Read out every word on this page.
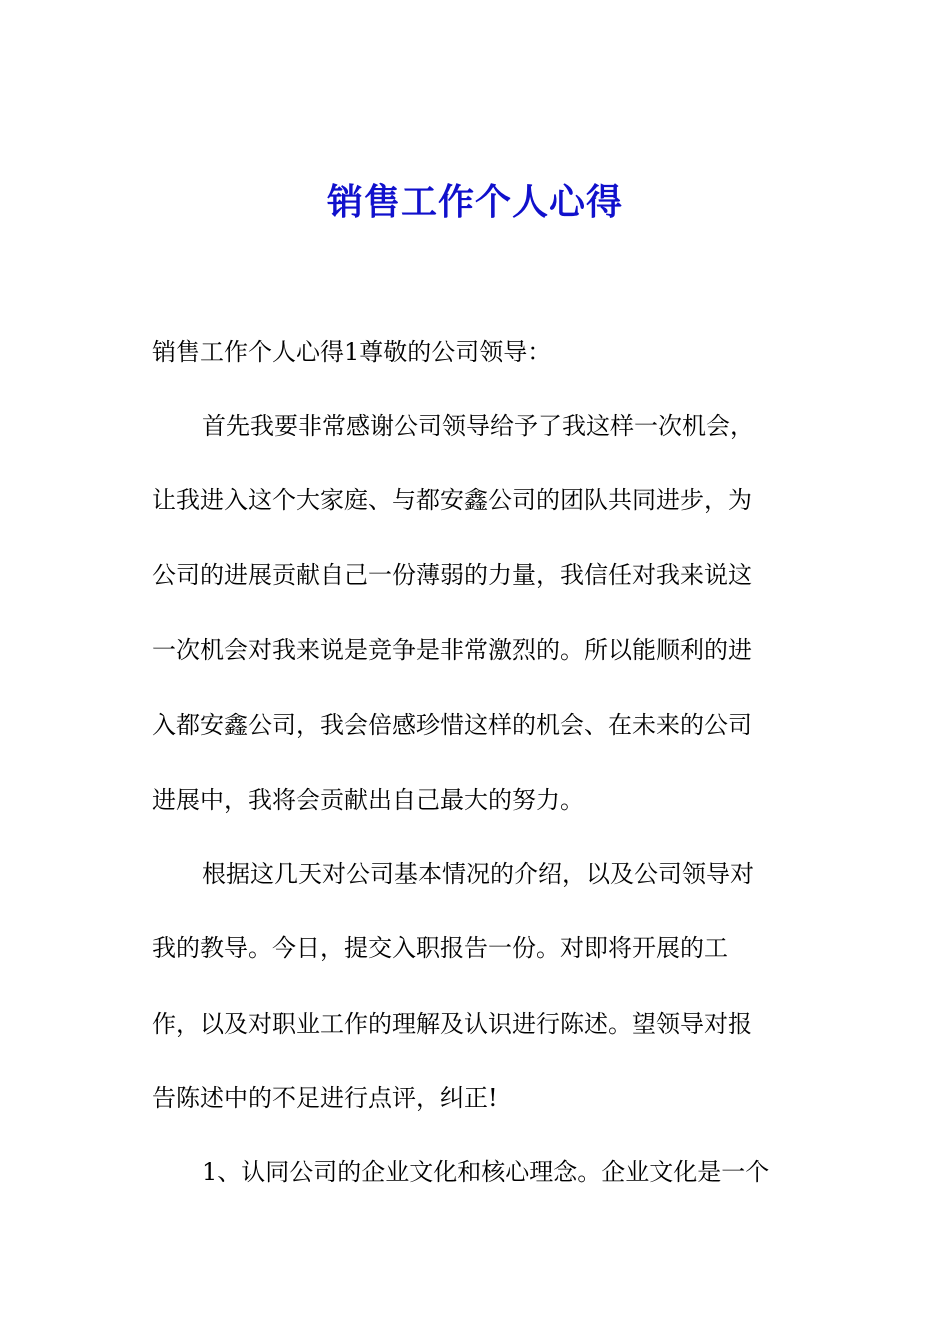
销售工作个人心得

销售工作个人心得1尊敬的公司领导：

首先我要非常感谢公司领导给予了我这样一次机会，

让我进入这个大家庭、与都安鑫公司的团队共同进步，为

公司的进展贡献自己一份薄弱的力量，我信任对我来说这

一次机会对我来说是竞争是非常激烈的。所以能顺利的进

入都安鑫公司，我会倍感珍惜这样的机会、在未来的公司

进展中，我将会贡献出自己最大的努力。

根据这几天对公司基本情况的介绍，以及公司领导对

我的教导。今日，提交入职报告一份。对即将开展的工

作，以及对职业工作的理解及认识进行陈述。望领导对报

告陈述中的不足进行点评，纠正!

1、认同公司的企业文化和核心理念。企业文化是一个
